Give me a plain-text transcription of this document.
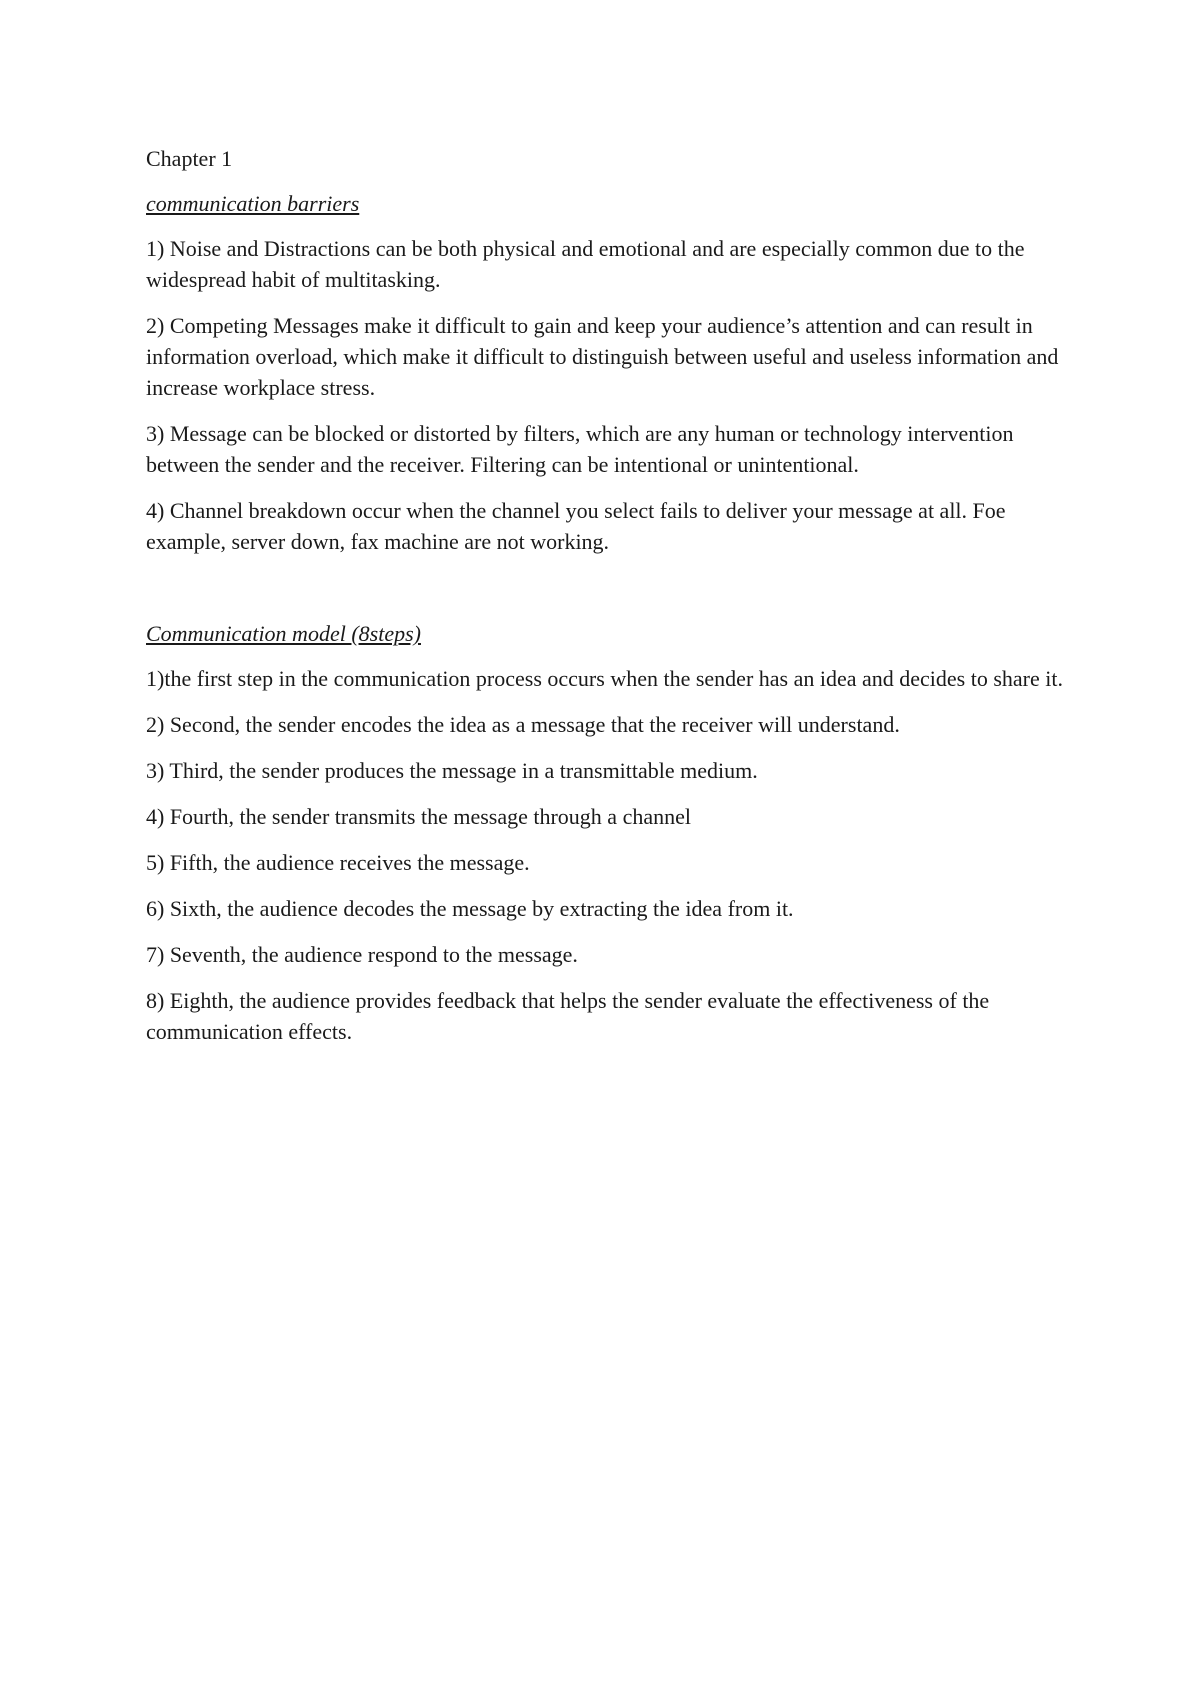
Chapter 1

communication barriers

1) Noise and Distractions can be both physical and emotional and are especially common due to the widespread habit of multitasking.

2) Competing Messages make it difficult to gain and keep your audience’s attention and can result in information overload, which make it difficult to distinguish between useful and useless information and increase workplace stress.

3) Message can be blocked or distorted by filters, which are any human or technology intervention between the sender and the receiver. Filtering can be intentional or unintentional.

4) Channel breakdown occur when the channel you select fails to deliver your message at all. Foe example, server down, fax machine are not working.

Communication model (8steps)

1)the first step in the communication process occurs when the sender has an idea and decides to share it.

2) Second, the sender encodes the idea as a message that the receiver will understand.

3) Third, the sender produces the message in a transmittable medium.

4) Fourth, the sender transmits the message through a channel

5) Fifth, the audience receives the message.

6) Sixth, the audience decodes the message by extracting the idea from it.

7) Seventh, the audience respond to the message.

8) Eighth, the audience provides feedback that helps the sender evaluate the effectiveness of the communication effects.
